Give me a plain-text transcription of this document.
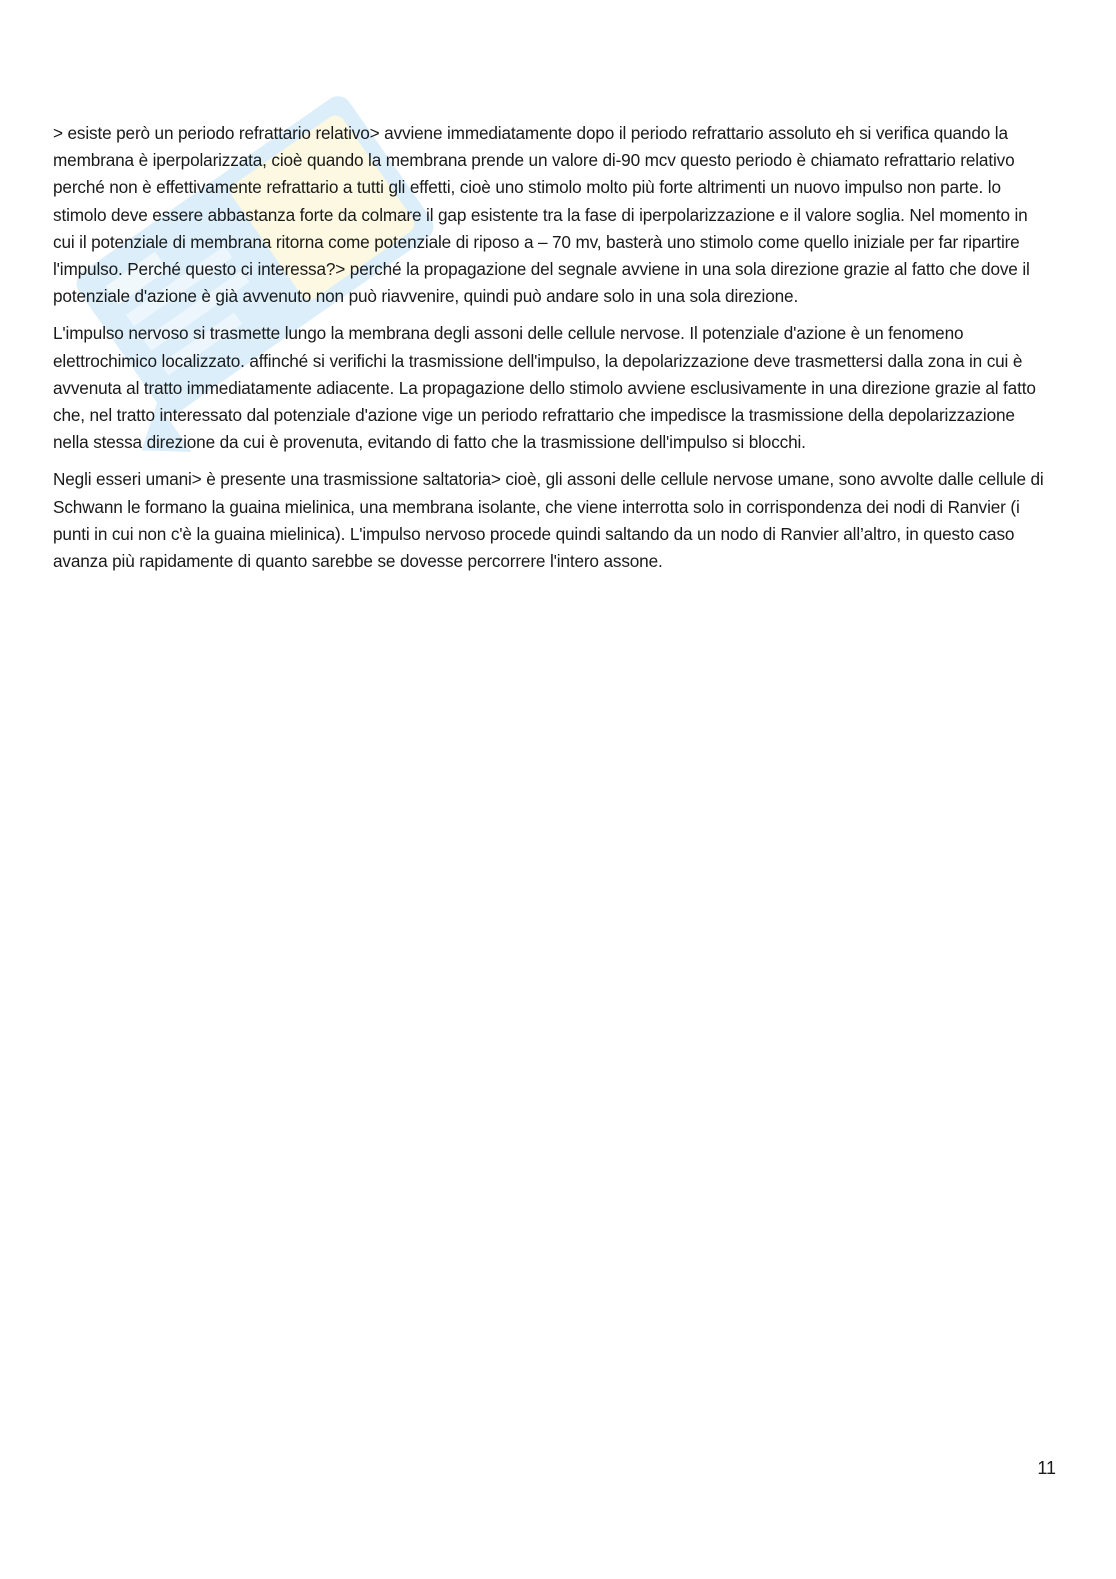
> esiste però un periodo refrattario relativo> avviene immediatamente dopo il periodo refrattario assoluto eh si verifica quando la membrana è iperpolarizzata, cioè quando la membrana prende un valore di-90 mcv questo periodo è chiamato refrattario relativo perché non è effettivamente refrattario a tutti gli effetti, cioè uno stimolo molto più forte altrimenti un nuovo impulso non parte. lo stimolo deve essere abbastanza forte da colmare il gap esistente tra la fase di iperpolarizzazione e il valore soglia. Nel momento in cui il potenziale di membrana ritorna come potenziale di riposo a – 70 mv, basterà uno stimolo come quello iniziale per far ripartire l'impulso. Perché questo ci interessa?> perché la propagazione del segnale avviene in una sola direzione grazie al fatto che dove il potenziale d'azione è già avvenuto non può riavvenire, quindi può andare solo in una sola direzione.

L'impulso nervoso si trasmette lungo la membrana degli assoni delle cellule nervose. Il potenziale d'azione è un fenomeno elettrochimico localizzato. affinché si verifichi la trasmissione dell'impulso, la depolarizzazione deve trasmettersi dalla zona in cui è avvenuta al tratto immediatamente adiacente. La propagazione dello stimolo avviene esclusivamente in una direzione grazie al fatto che, nel tratto interessato dal potenziale d'azione vige un periodo refrattario che impedisce la trasmissione della depolarizzazione nella stessa direzione da cui è provenuta, evitando di fatto che la trasmissione dell'impulso si blocchi.

Negli esseri umani> è presente una trasmissione saltatoria> cioè, gli assoni delle cellule nervose umane, sono avvolte dalle cellule di Schwann le formano la guaina mielinica, una membrana isolante, che viene interrotta solo in corrispondenza dei nodi di Ranvier (i punti in cui non c'è la guaina mielinica). L'impulso nervoso procede quindi saltando da un nodo di Ranvier all’altro, in questo caso avanza più rapidamente di quanto sarebbe se dovesse percorrere l'intero assone.

11
